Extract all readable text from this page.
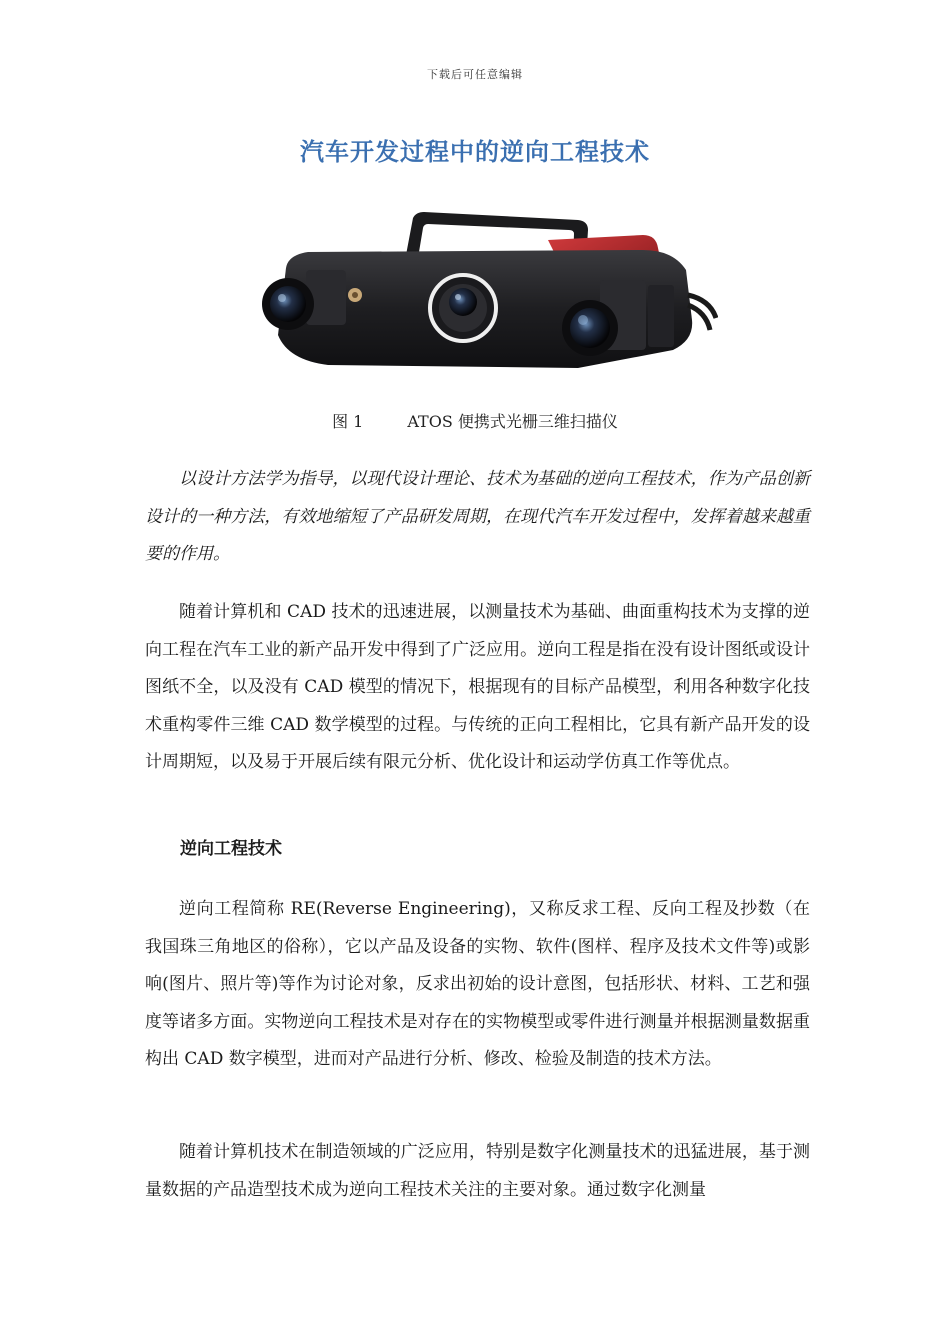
下载后可任意编辑
汽车开发过程中的逆向工程技术
图 1	ATOS 便携式光栅三维扫描仪

以设计方法学为指导，以现代设计理论、技术为基础的逆向工程技术，作为产品创新设计的一种方法，有效地缩短了产品研发周期，在现代汽车开发过程中，发挥着越来越重要的作用。

随着计算机和 CAD 技术的迅速进展，以测量技术为基础、曲面重构技术为支撑的逆向工程在汽车工业的新产品开发中得到了广泛应用。逆向工程是指在没有设计图纸或设计图纸不全，以及没有 CAD 模型的情况下，根据现有的目标产品模型，利用各种数字化技术重构零件三维 CAD 数学模型的过程。与传统的正向工程相比，它具有新产品开发的设计周期短，以及易于开展后续有限元分析、优化设计和运动学仿真工作等优点。

逆向工程技术

逆向工程简称 RE(Reverse Engineering)，又称反求工程、反向工程及抄数（在我国珠三角地区的俗称），它以产品及设备的实物、软件(图样、程序及技术文件等)或影响(图片、照片等)等作为讨论对象，反求出初始的设计意图，包括形状、材料、工艺和强度等诸多方面。实物逆向工程技术是对存在的实物模型或零件进行测量并根据测量数据重构出 CAD 数字模型，进而对产品进行分析、修改、检验及制造的技术方法。

随着计算机技术在制造领域的广泛应用，特别是数字化测量技术的迅猛进展，基于测量数据的产品造型技术成为逆向工程技术关注的主要对象。通过数字化测量
